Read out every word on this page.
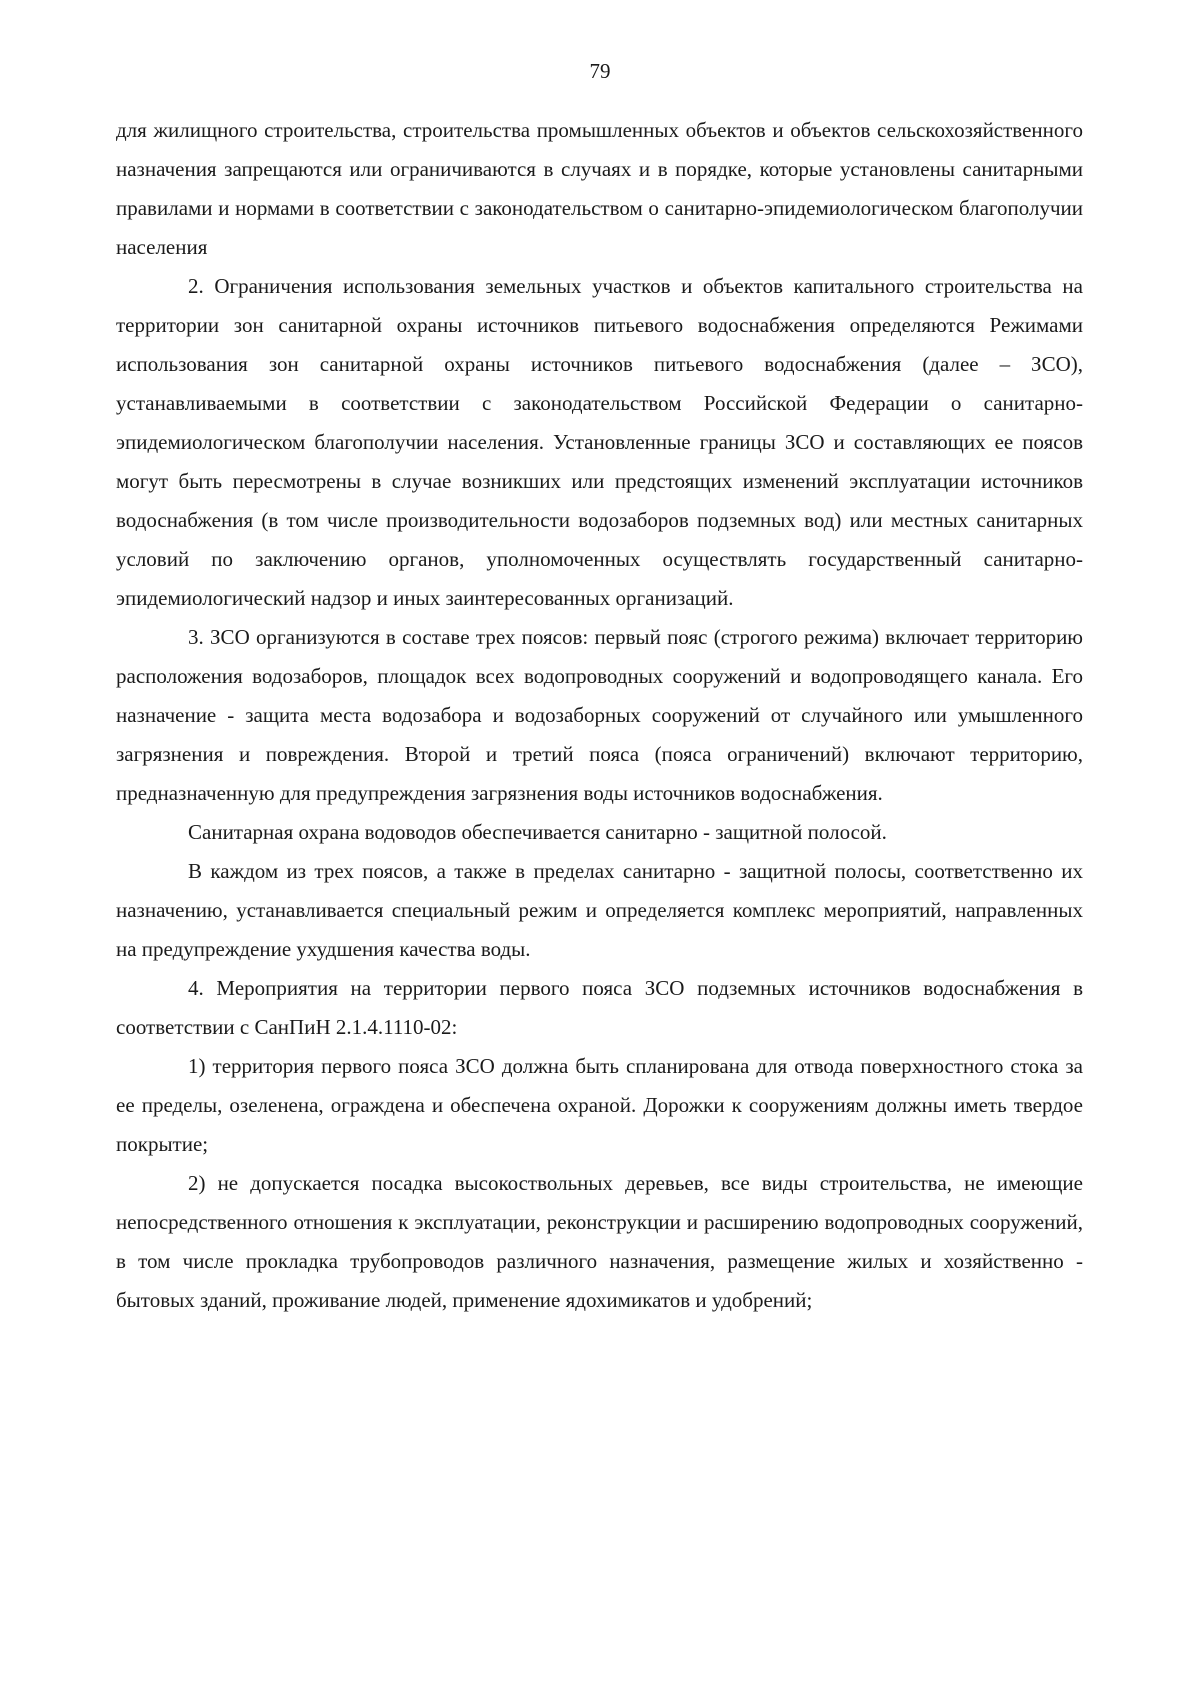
79

для жилищного строительства, строительства промышленных объектов и объектов сельскохозяйственного назначения запрещаются или ограничиваются в случаях и в порядке, которые установлены санитарными правилами и нормами в соответствии с законодательством о санитарно-эпидемиологическом благополучии населения

2. Ограничения использования земельных участков и объектов капитального строительства на территории зон санитарной охраны источников питьевого водоснабжения определяются Режимами использования зон санитарной охраны источников питьевого водоснабжения (далее – ЗСО), устанавливаемыми в соответствии с законодательством Российской Федерации о санитарно-эпидемиологическом благополучии населения. Установленные границы ЗСО и составляющих ее поясов могут быть пересмотрены в случае возникших или предстоящих изменений эксплуатации источников водоснабжения (в том числе производительности водозаборов подземных вод) или местных санитарных условий по заключению органов, уполномоченных осуществлять государственный санитарно-эпидемиологический надзор и иных заинтересованных организаций.

3. ЗСО организуются в составе трех поясов: первый пояс (строгого режима) включает территорию расположения водозаборов, площадок всех водопроводных сооружений и водопроводящего канала. Его назначение - защита места водозабора и водозаборных сооружений от случайного или умышленного загрязнения и повреждения. Второй и третий пояса (пояса ограничений) включают территорию, предназначенную для предупреждения загрязнения воды источников водоснабжения.

Санитарная охрана водоводов обеспечивается санитарно - защитной полосой.

В каждом из трех поясов, а также в пределах санитарно - защитной полосы, соответственно их назначению, устанавливается специальный режим и определяется комплекс мероприятий, направленных на предупреждение ухудшения качества воды.

4. Мероприятия на территории первого пояса ЗСО подземных источников водоснабжения в соответствии с СанПиН 2.1.4.1110-02:

1) территория первого пояса ЗСО должна быть спланирована для отвода поверхностного стока за ее пределы, озеленена, ограждена и обеспечена охраной. Дорожки к сооружениям должны иметь твердое покрытие;

2) не допускается посадка высокоствольных деревьев, все виды строительства, не имеющие непосредственного отношения к эксплуатации, реконструкции и расширению водопроводных сооружений, в том числе прокладка трубопроводов различного назначения, размещение жилых и хозяйственно - бытовых зданий, проживание людей, применение ядохимикатов и удобрений;
